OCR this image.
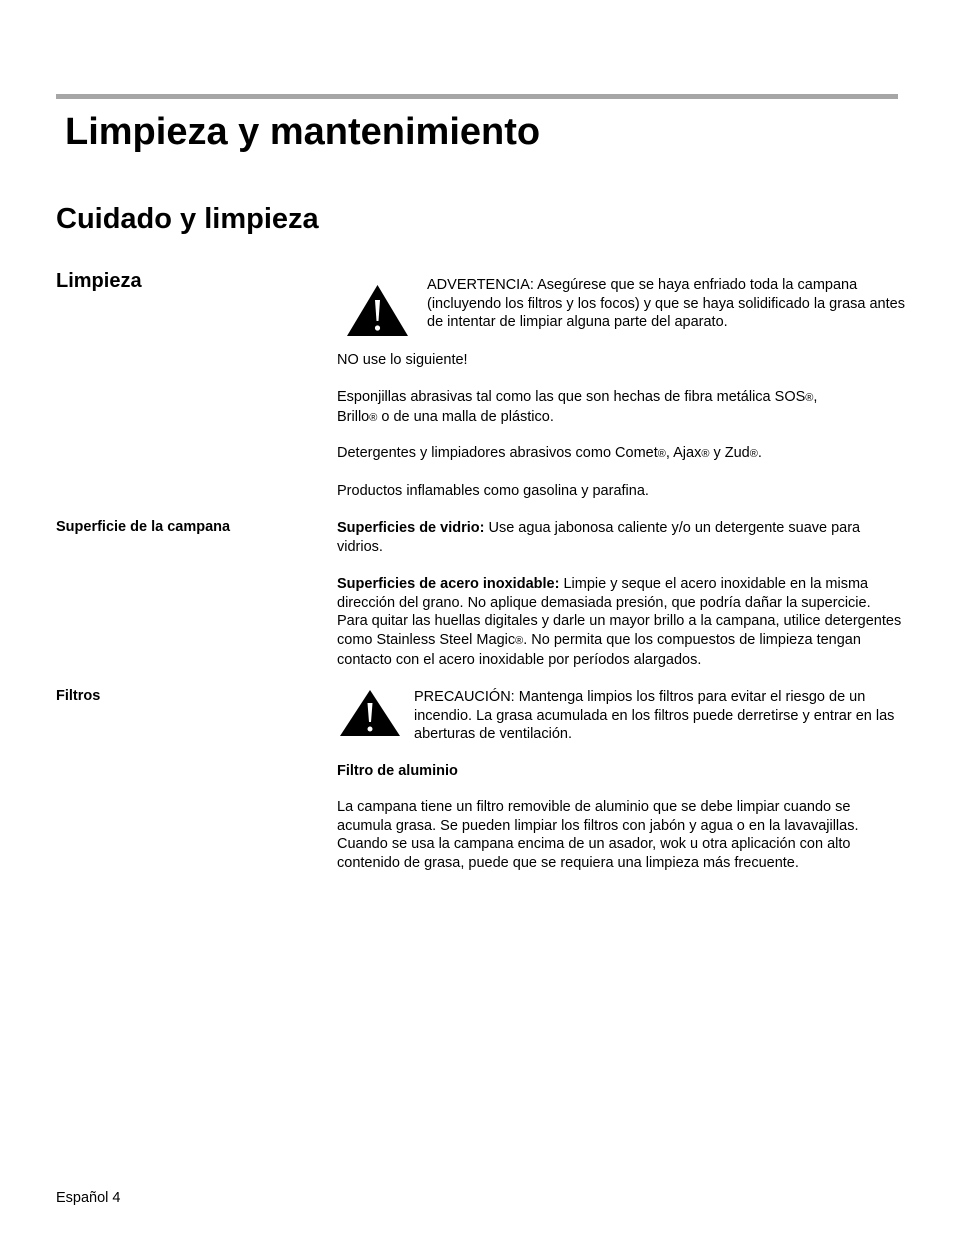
Limpieza y mantenimiento
Cuidado y limpieza
Limpieza	ADVERTENCIA: Asegúrese que se haya enfriado toda la campana (incluyendo los filtros y los focos) y que se haya solidificado la grasa antes de intentar de limpiar alguna parte del aparato.

NO use lo siguiente!

Esponjillas abrasivas tal como las que son hechas de fibra metálica SOS®,
Brillo® o de una malla de plástico.

Detergentes y limpiadores abrasivos como Comet®, Ajax® y Zud®.

Productos inflamables como gasolina y parafina.

Superficie de la campana	Superficies de vidrio: Use agua jabonosa caliente y/o un detergente suave para vidrios.

Superficies de acero inoxidable: Limpie y seque el acero inoxidable en la misma dirección del grano. No aplique demasiada presión, que podría dañar la supercicie. Para quitar las huellas digitales y darle un mayor brillo a la campana, utilice detergentes como Stainless Steel Magic®. No permita que los compuestos de limpieza tengan contacto con el acero inoxidable por períodos alargados.

Filtros	PRECAUCIÓN: Mantenga limpios los filtros para evitar el riesgo de un incendio. La grasa acumulada en los filtros puede derretirse y entrar en las aberturas de ventilación.

Filtro de aluminio

La campana tiene un filtro removible de aluminio que se debe limpiar cuando se acumula grasa. Se pueden limpiar los filtros con jabón y agua o en la lavavajillas. Cuando se usa la campana encima de un asador, wok u otra aplicación con alto contenido de grasa, puede que se requiera una limpieza más frecuente.

Español 4
